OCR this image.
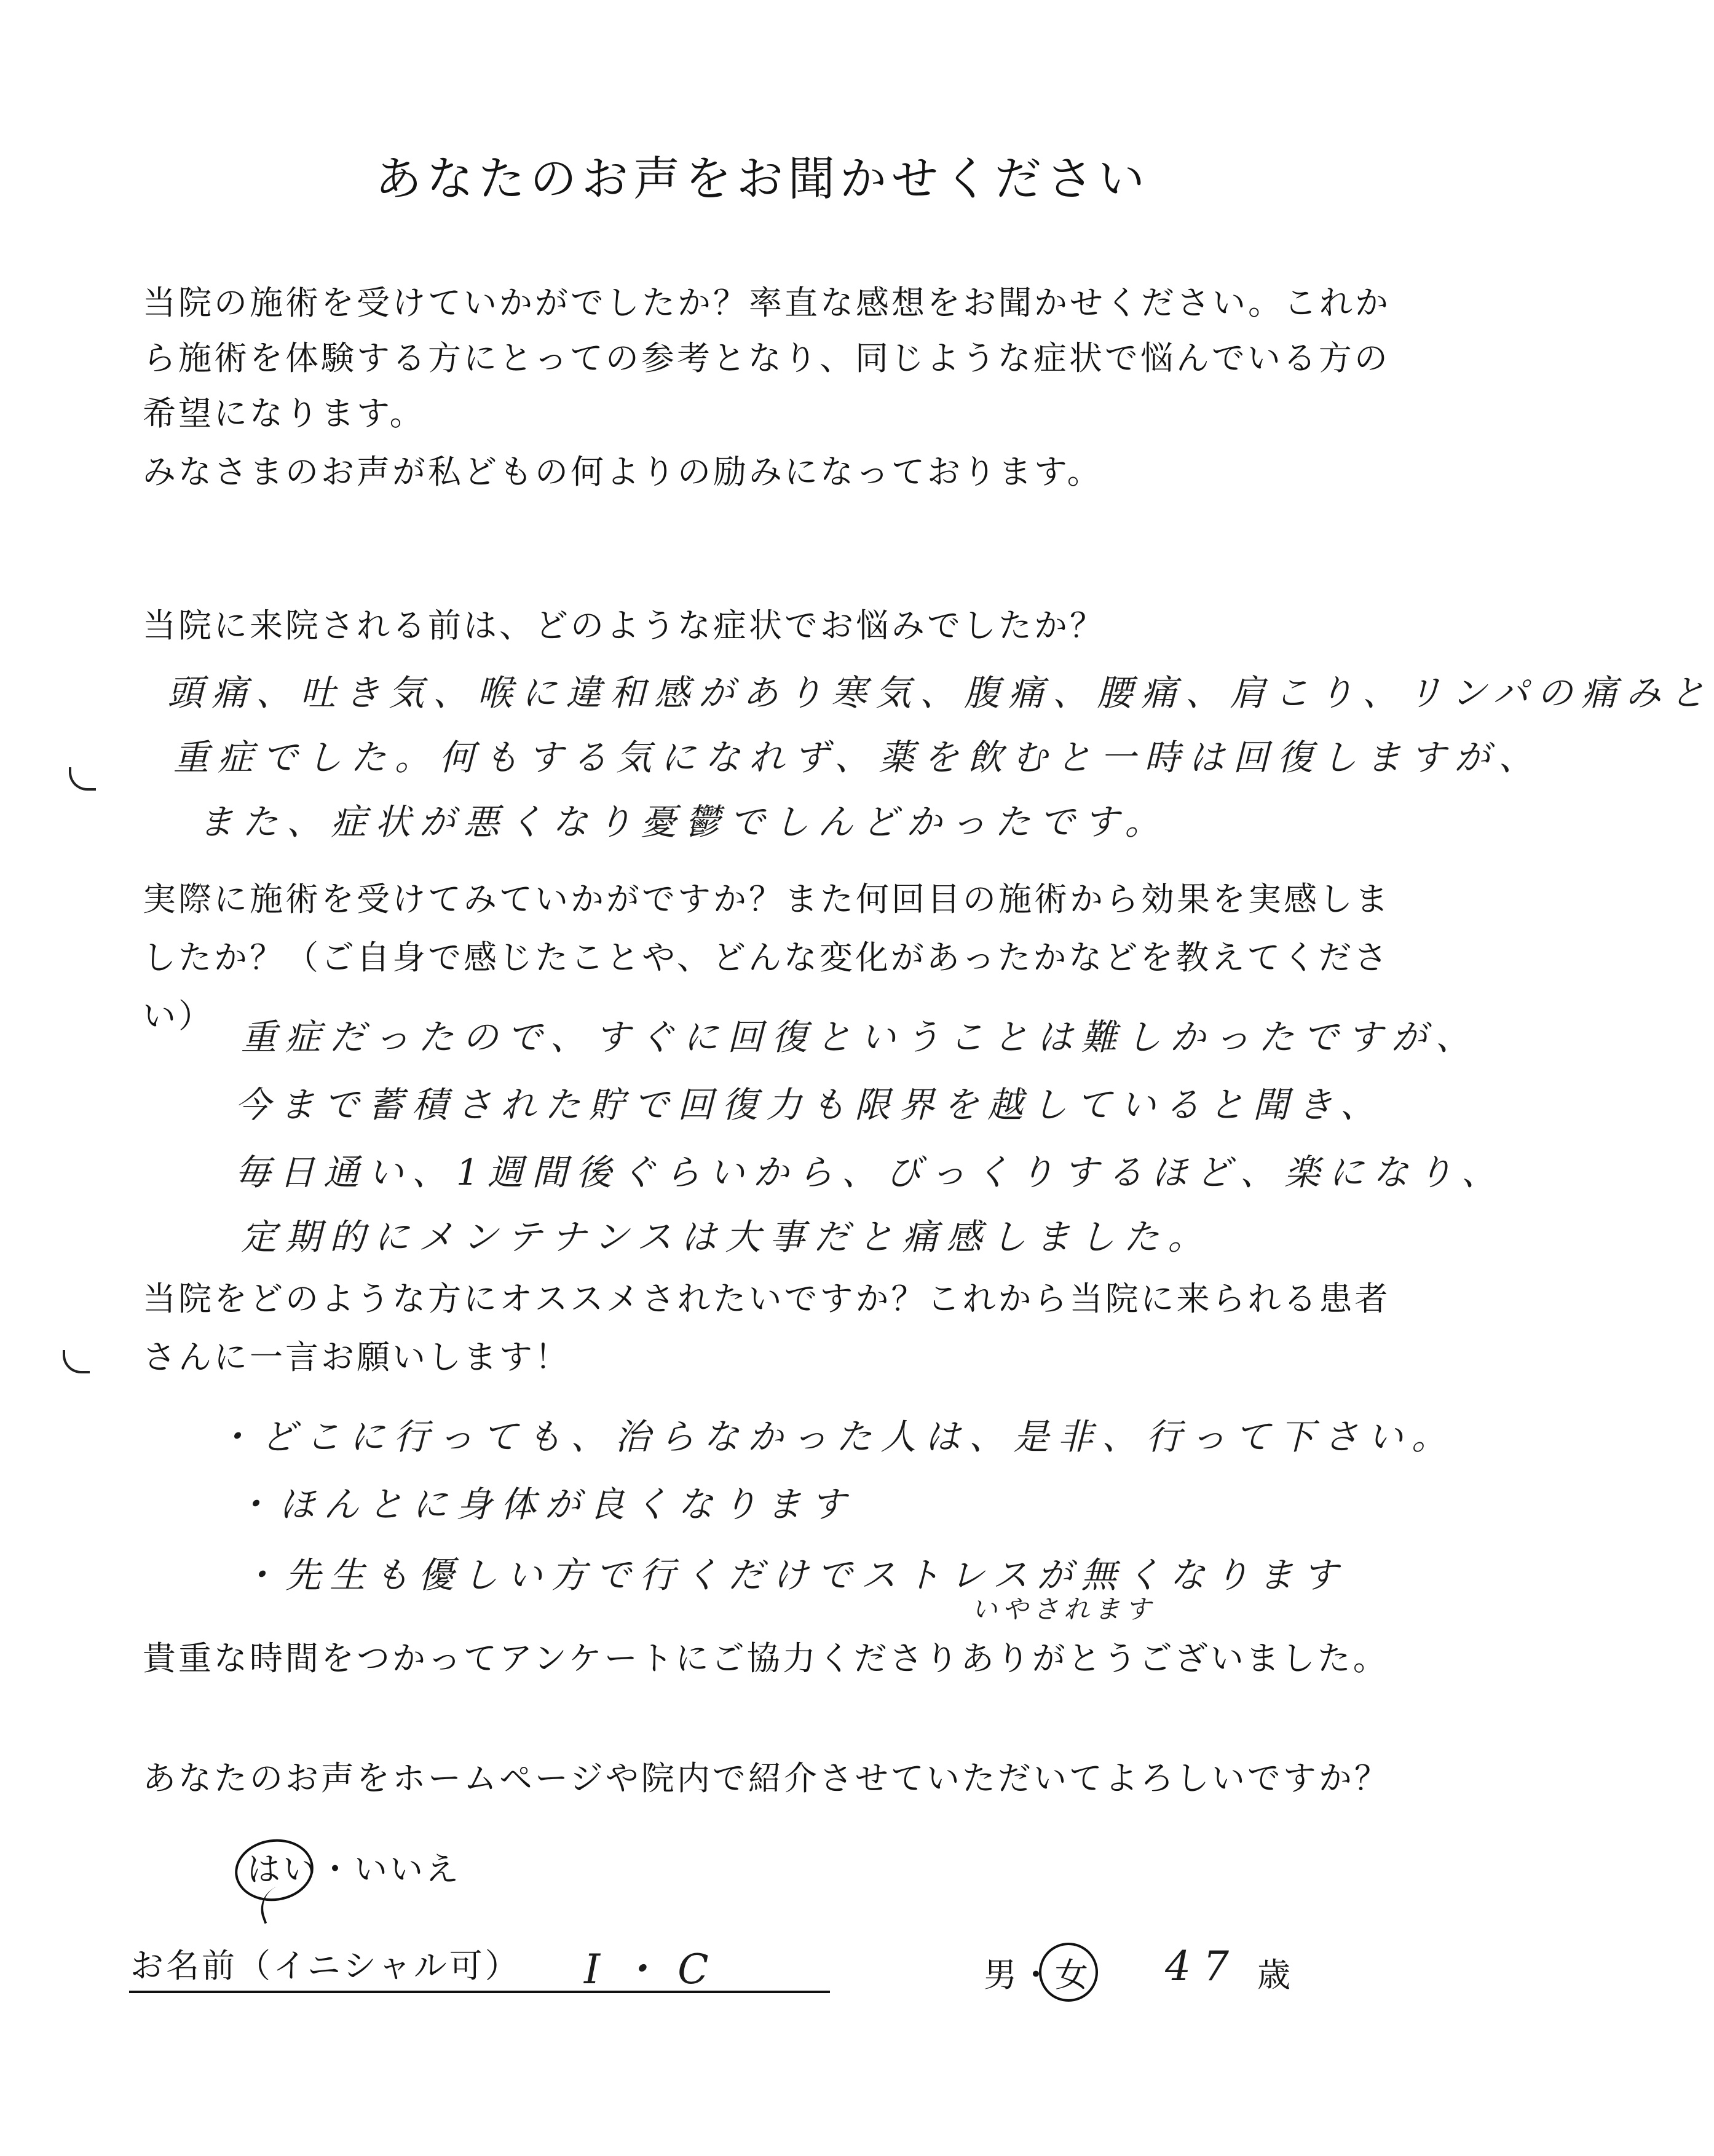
あなたのお声をお聞かせください
当院の施術を受けていかがでしたか？率直な感想をお聞かせください。これか
ら施術を体験する方にとっての参考となり、同じような症状で悩んでいる方の
希望になります。
みなさまのお声が私どもの何よりの励みになっております。
当院に来院される前は、どのような症状でお悩みでしたか？
頭痛、吐き気、喉に違和感があり寒気、腹痛、腰痛、肩こり、リンパの痛みと
重症でした。何もする気になれず、薬を飲むと一時は回復しますが、
また、症状が悪くなり憂鬱でしんどかったです。
実際に施術を受けてみていかがですか？また何回目の施術から効果を実感しま
したか？（ご自身で感じたことや、どんな変化があったかなどを教えてくださ
い）
重症だったので、すぐに回復ということは難しかったですが、
今まで蓄積された貯で回復力も限界を越していると聞き、
毎日通い、1週間後ぐらいから、びっくりするほど、楽になり、
定期的にメンテナンスは大事だと痛感しました。
当院をどのような方にオススメされたいですか？これから当院に来られる患者
さんに一言お願いします！
・どこに行っても、治らなかった人は、是非、行って下さい。
・ほんとに身体が良くなります
・先生も優しい方で行くだけでストレスが無くなります
いやされます
貴重な時間をつかってアンケートにご協力くださりありがとうございました。
あなたのお声をホームページや院内で紹介させていただいてよろしいですか？
はい・いいえ
お名前（イニシャル可） I・C	男・女 47 歳
